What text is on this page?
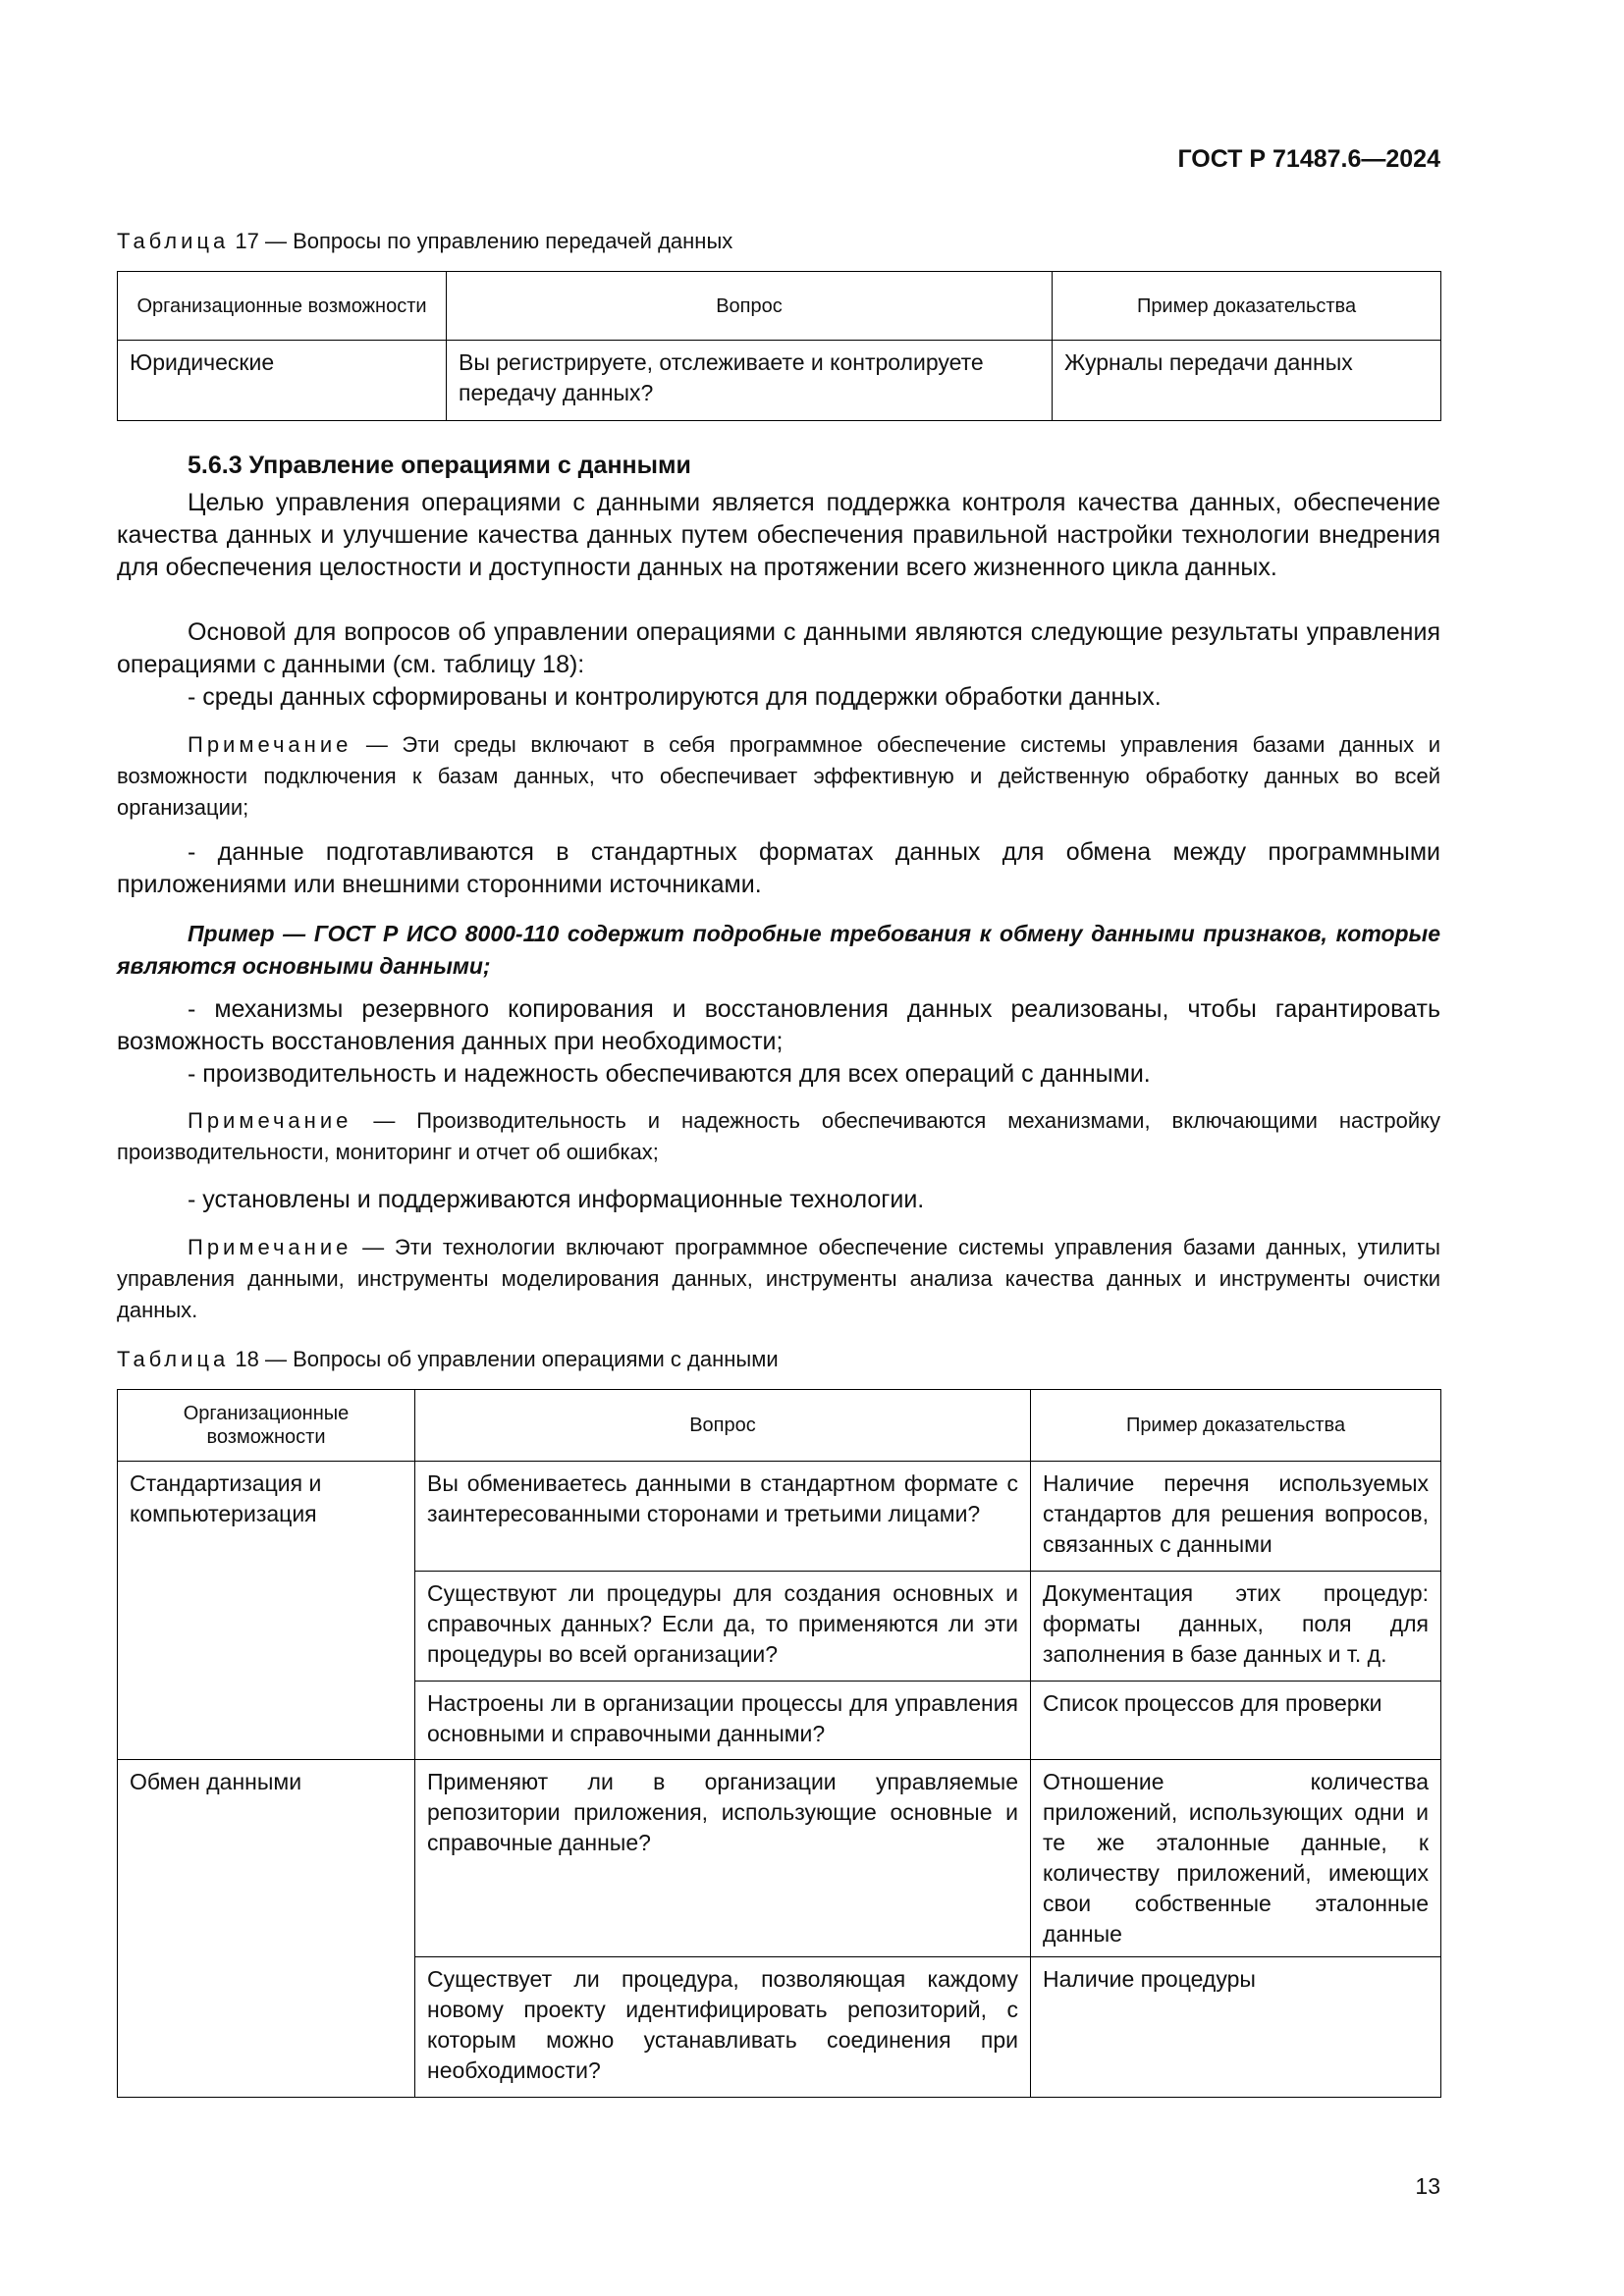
ГОСТ Р 71487.6—2024
Таблица 17 — Вопросы по управлению передачей данных
Организационные возможности	Вопрос	Пример доказательства
Юридические	Вы регистрируете, отслеживаете и контролируете передачу данных?	Журналы передачи данных
5.6.3 Управление операциями с данными
Целью управления операциями с данными является поддержка контроля качества данных, обеспечение качества данных и улучшение качества данных путем обеспечения правильной настройки технологии внедрения для обеспечения целостности и доступности данных на протяжении всего жизненного цикла данных.
Основой для вопросов об управлении операциями с данными являются следующие результаты управления операциями с данными (см. таблицу 18):
- среды данных сформированы и контролируются для поддержки обработки данных.
Примечание — Эти среды включают в себя программное обеспечение системы управления базами данных и возможности подключения к базам данных, что обеспечивает эффективную и действенную обработку данных во всей организации;
- данные подготавливаются в стандартных форматах данных для обмена между программными приложениями или внешними сторонними источниками.
Пример — ГОСТ Р ИСО 8000-110 содержит подробные требования к обмену данными признаков, которые являются основными данными;
- механизмы резервного копирования и восстановления данных реализованы, чтобы гарантировать возможность восстановления данных при необходимости;
- производительность и надежность обеспечиваются для всех операций с данными.
Примечание — Производительность и надежность обеспечиваются механизмами, включающими настройку производительности, мониторинг и отчет об ошибках;
- установлены и поддерживаются информационные технологии.
Примечание — Эти технологии включают программное обеспечение системы управления базами данных, утилиты управления данными, инструменты моделирования данных, инструменты анализа качества данных и инструменты очистки данных.
Таблица 18 — Вопросы об управлении операциями с данными
Организационные возможности	Вопрос	Пример доказательства
Стандартизация и компьютеризация	Вы обмениваетесь данными в стандартном формате с заинтересованными сторонами и третьими лицами?	Наличие перечня используемых стандартов для решения вопросов, связанных с данными
	Существуют ли процедуры для создания основных и справочных данных? Если да, то применяются ли эти процедуры во всей организации?	Документация этих процедур: форматы данных, поля для заполнения в базе данных и т. д.
	Настроены ли в организации процессы для управления основными и справочными данными?	Список процессов для проверки
Обмен данными	Применяют ли в организации управляемые репозитории приложения, использующие основные и справочные данные?	Отношение количества приложений, использующих одни и те же эталонные данные, к количеству приложений, имеющих свои собственные эталонные данные
	Существует ли процедура, позволяющая каждому новому проекту идентифицировать репозиторий, с которым можно устанавливать соединения при необходимости?	Наличие процедуры
13
